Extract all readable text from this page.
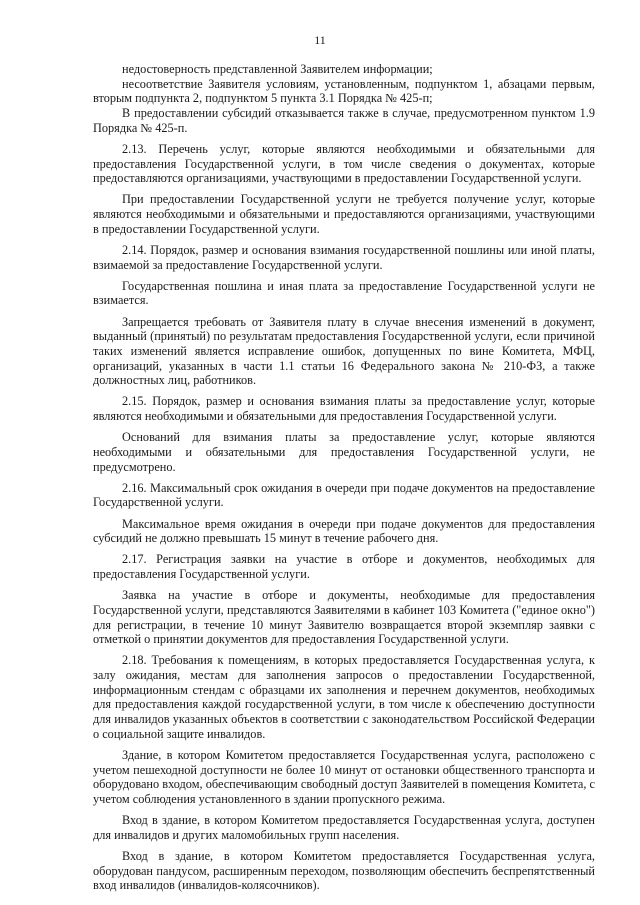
11

недостоверность представленной Заявителем информации;

несоответствие Заявителя условиям, установленным, подпунктом 1, абзацами первым, вторым подпункта 2, подпунктом 5 пункта 3.1 Порядка № 425-п;

В предоставлении субсидий отказывается также в случае, предусмотренном пунктом 1.9 Порядка № 425-п.

2.13. Перечень услуг, которые являются необходимыми и обязательными для предоставления Государственной услуги, в том числе сведения о документах, которые предоставляются организациями, участвующими в предоставлении Государственной услуги.

При предоставлении Государственной услуги не требуется получение услуг, которые являются необходимыми и обязательными и предоставляются организациями, участвующими в предоставлении Государственной услуги.

2.14. Порядок, размер и основания взимания государственной пошлины или иной платы, взимаемой за предоставление Государственной услуги.

Государственная пошлина и иная плата за предоставление Государственной услуги не взимается.

Запрещается требовать от Заявителя плату в случае внесения изменений в документ, выданный (принятый) по результатам предоставления Государственной услуги, если причиной таких изменений является исправление ошибок, допущенных по вине Комитета, МФЦ, организаций, указанных в части 1.1 статьи 16 Федерального закона № 210-ФЗ, а также должностных лиц, работников.

2.15. Порядок, размер и основания взимания платы за предоставление услуг, которые являются необходимыми и обязательными для предоставления Государственной услуги.

Оснований для взимания платы за предоставление услуг, которые являются необходимыми и обязательными для предоставления Государственной услуги, не предусмотрено.

2.16. Максимальный срок ожидания в очереди при подаче документов на предоставление Государственной услуги.

Максимальное время ожидания в очереди при подаче документов для предоставления субсидий не должно превышать 15 минут в течение рабочего дня.

2.17. Регистрация заявки на участие в отборе и документов, необходимых для предоставления Государственной услуги.

Заявка на участие в отборе и документы, необходимые для предоставления Государственной услуги, представляются Заявителями в кабинет 103 Комитета ("единое окно") для регистрации, в течение 10 минут Заявителю возвращается второй экземпляр заявки с отметкой о принятии документов для предоставления Государственной услуги.

2.18. Требования к помещениям, в которых предоставляется Государственная услуга, к залу ожидания, местам для заполнения запросов о предоставлении Государственной, информационным стендам с образцами их заполнения и перечнем документов, необходимых для предоставления каждой государственной услуги, в том числе к обеспечению доступности для инвалидов указанных объектов в соответствии с законодательством Российской Федерации о социальной защите инвалидов.

Здание, в котором Комитетом предоставляется Государственная услуга, расположено с учетом пешеходной доступности не более 10 минут от остановки общественного транспорта и оборудовано входом, обеспечивающим свободный доступ Заявителей в помещения Комитета, с учетом соблюдения установленного в здании пропускного режима.

Вход в здание, в котором Комитетом предоставляется Государственная услуга, доступен для инвалидов и других маломобильных групп населения.

Вход в здание, в котором Комитетом предоставляется Государственная услуга, оборудован пандусом, расширенным переходом, позволяющим обеспечить беспрепятственный вход инвалидов (инвалидов-колясочников).
